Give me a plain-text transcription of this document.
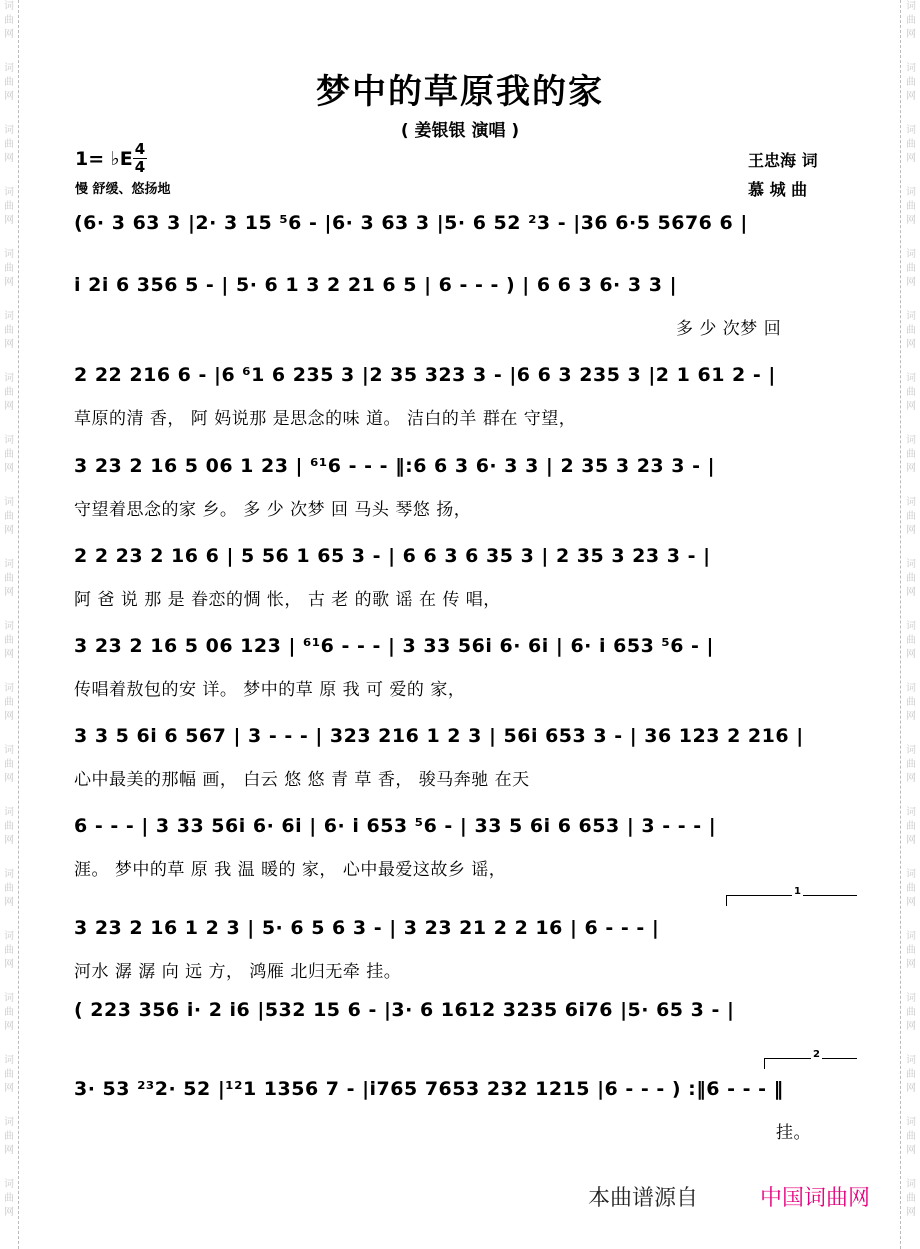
词
曲
网
词
曲
网
词
曲
网
词
曲
网
词
曲
网
词
曲
网
词
曲
网
词
曲
网
词
曲
网
词
曲
网
词
曲
网
词
曲
网
词
曲
网
词
曲
网
词
曲
网
词
曲
网
词
曲
网
词
曲
网
词
曲
网
词
曲
网
词
曲
网
词
曲
网
词
曲
网
词
曲
网
词
曲
网
词
曲
网
词
曲
网
词
曲
网
词
曲
网
词
曲
网
词
曲
网
词
曲
网
词
曲
网
词
曲
网
词
曲
网
词
曲
网
词
曲
网
词
曲
网
词
曲
网
词
曲
网
梦中的草原我的家
( 姜银银 演唱 )
1= ♭E 4
4
慢 舒缓、悠扬地
王忠海 词
慕 城 曲
(6· 3 63 3 |2· 3 15 ⁵6 - |6· 3 63 3 |5· 6 52 ²3 - |36 6·5 5676 6 |
i 2i 6 356 5 - | 5· 6 1 3 2 21 6 5 | 6 - - - ) | 6 6 3 6· 3 3 |
多 少 次梦 回
2 22 216 6 - |6 ⁶1 6 235 3 |2 35 323 3 - |6 6 3 235 3 |2 1 61 2 - |
草原的清 香， 阿 妈说那 是思念的味 道。 洁白的羊 群在 守望，
3 23 2 16 5 06 1 23 | ⁶¹6 - - - ‖:6 6 3 6· 3 3 | 2 35 3 23 3 - |
守望着思念的家 乡。 多 少 次梦 回 马头 琴悠 扬，
2 2 23 2 16 6 | 5 56 1 65 3 - | 6 6 3 6 35 3 | 2 35 3 23 3 - |
阿 爸 说 那 是 眷恋的惆 怅， 古 老 的歌 谣 在 传 唱，
3 23 2 16 5 06 123 | ⁶¹6 - - - | 3 33 56i 6· 6i | 6· i 653 ⁵6 - |
传唱着敖包的安 详。 梦中的草 原 我 可 爱的 家，
3 3 5 6i 6 567 | 3 - - - | 323 216 1 2 3 | 56i 653 3 - | 36 123 2 216 |
心中最美的那幅 画， 白云 悠 悠 青 草 香， 骏马奔驰 在天
6 - - - | 3 33 56i 6· 6i | 6· i 653 ⁵6 - | 33 5 6i 6 653 | 3 - - - |
涯。 梦中的草 原 我 温 暖的 家， 心中最爱这故乡 谣，
3 23 2 16 1 2 3 | 5· 6 5 6 3 - | 3 23 21 2 2 16 | 6 - - - |
河水 潺 潺 向 远 方， 鸿雁 北归无牵 挂。
( 223 356 i· 2 i6 |532 15 6 - |3· 6 1612 3235 6i76 |5· 65 3 - |
3· 53 ²³2· 52 |¹²1 1356 7 - |i765 7653 232 1215 |6 - - - ) :‖6 - - - ‖
挂。
1
2
本曲谱源自	中国词曲网
